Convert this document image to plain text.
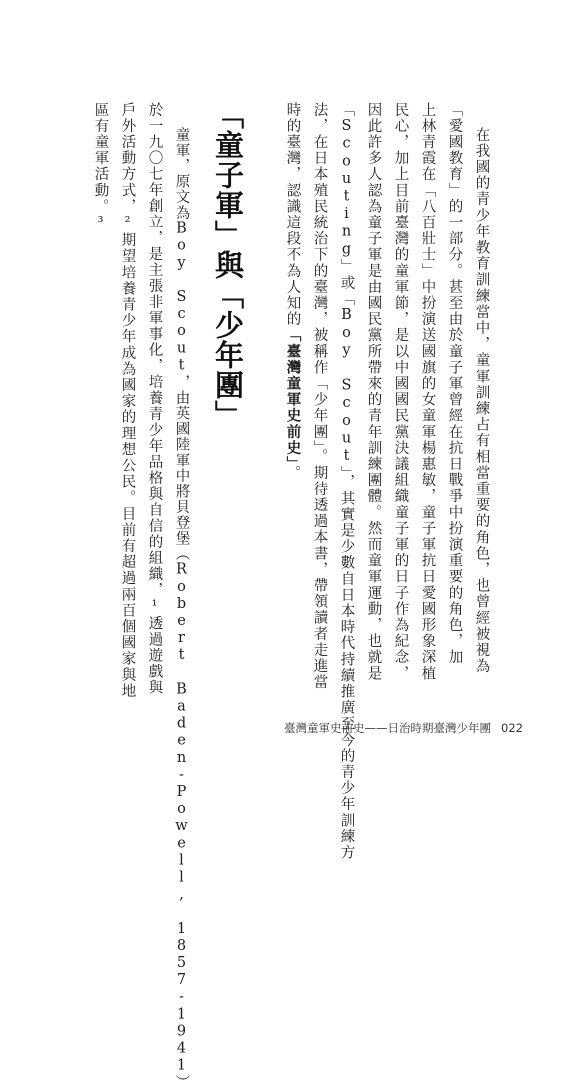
在我國的青少年教育訓練當中，童軍訓練占有相當重要的角色，也曾經被視為
「愛國教育」的一部分。甚至由於童子軍曾經在抗日戰爭中扮演重要的角色，加
上林青霞在「八百壯士」中扮演送國旗的女童軍楊惠敏，童子軍抗日愛國形象深植
民心，加上目前臺灣的童軍節，是以中國國民黨決議組織童子軍的日子作為紀念，
因此許多人認為童子軍是由國民黨所帶來的青年訓練團體。然而童軍運動，也就是
「Scouting」或「Boy Scout」，其實是少數自日本時代持續推廣至今的青少年訓練方
法，在日本殖民統治下的臺灣，被稱作「少年團」。期待透過本書，帶領讀者走進當
時的臺灣，認識這段不為人知的「臺灣童軍史前史」。
「童子軍」與「少年團」
童軍，原文為Boy Scout，由英國陸軍中將貝登堡（Robert Baden-Powell, 1857-1941）
於一九〇七年創立，是主張非軍事化，培養青少年品格與自信的組織，¹透過遊戲與
戶外活動方式，²期望培養青少年成為國家的理想公民。目前有超過兩百個國家與地
區有童軍活動。³
臺灣童軍史前史——日治時期臺灣少年團 022
